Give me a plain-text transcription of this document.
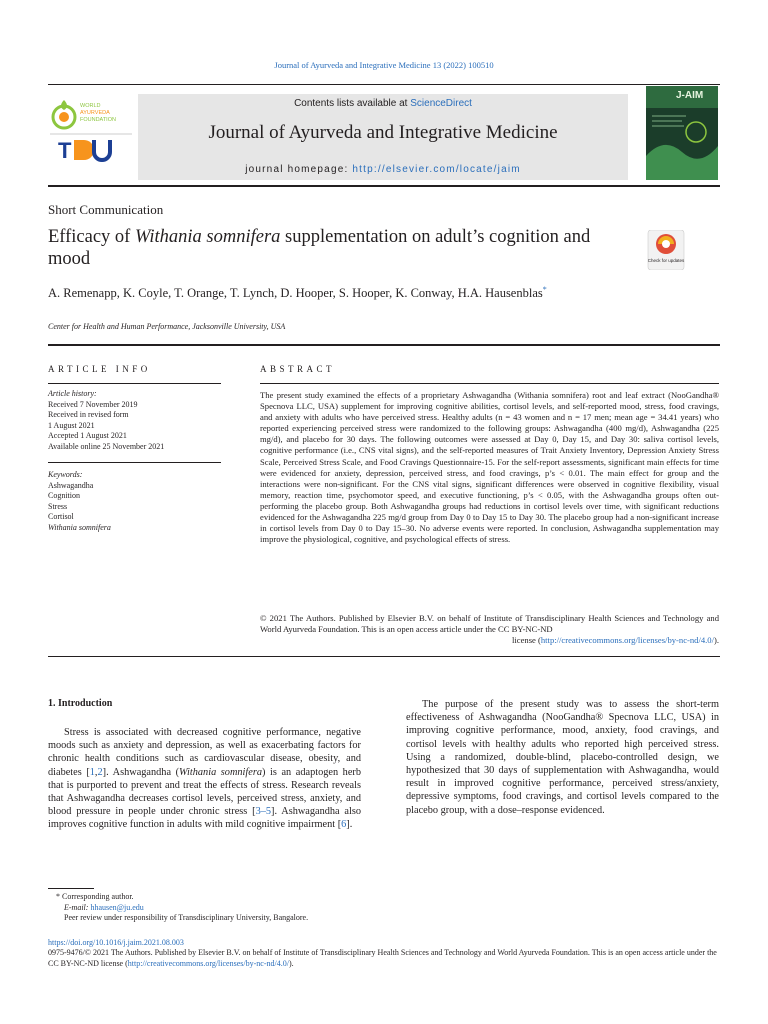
Journal of Ayurveda and Integrative Medicine 13 (2022) 100510
T
WORLD
AYURVEDA
FOUNDATION
Contents lists available at ScienceDirect
Journal of Ayurveda and Integrative Medicine
journal homepage: http://elsevier.com/locate/jaim
J-AIM
Short Communication
Efficacy of Withania somnifera supplementation on adult’s cognition and mood	Check for updates
A. Remenapp, K. Coyle, T. Orange, T. Lynch, D. Hooper, S. Hooper, K. Conway, H.A. Hausenblas*
Center for Health and Human Performance, Jacksonville University, USA
ARTICLE INFO
Article history:
Received 7 November 2019
Received in revised form
1 August 2021
Accepted 1 August 2021
Available online 25 November 2021
Keywords:
Ashwagandha
Cognition
Stress
Cortisol
Withania somnifera
ABSTRACT
The present study examined the effects of a proprietary Ashwagandha (Withania somnifera) root and leaf extract (NooGandha® Specnova LLC, USA) supplement for improving cognitive abilities, cortisol levels, and self-reported mood, stress, food cravings, and anxiety with adults who have perceived stress. Healthy adults (n = 43 women and n = 17 men; mean age = 34.41 years) who reported experiencing perceived stress were randomized to the following groups: Ashwagandha (400 mg/d), Ashwagandha (225 mg/d), and placebo for 30 days. The following outcomes were assessed at Day 0, Day 15, and Day 30: saliva cortisol levels, cognitive performance (i.e., CNS vital signs), and the self-reported measures of Trait Anxiety Inventory, Depression Anxiety Stress Scale, Perceived Stress Scale, and Food Cravings Questionnaire-15. For the self-report assessments, significant main effects for time were evidenced for anxiety, depression, perceived stress, and food cravings, p’s < 0.01. The main effect for group and the interactions were non-significant. For the CNS vital signs, significant differences were observed in cognitive flexibility, visual memory, reaction time, psychomotor speed, and executive functioning, p’s < 0.05, with the Ashwagandha groups often out-performing the placebo group. Both Ashwagandha groups had reductions in cortisol levels over time, with significant reductions evidenced for the Ashwagandha 225 mg/d group from Day 0 to Day 15 to Day 30. The placebo group had a non-significant increase in cortisol levels from Day 0 to Day 15–30. No adverse events were reported. In conclusion, Ashwagandha supplementation may improve the physiological, cognitive, and psychological effects of stress.
© 2021 The Authors. Published by Elsevier B.V. on behalf of Institute of Transdisciplinary Health Sciences and Technology and World Ayurveda Foundation. This is an open access article under the CC BY-NC-ND
license (http://creativecommons.org/licenses/by-nc-nd/4.0/).
1. Introduction
Stress is associated with decreased cognitive performance, negative moods such as anxiety and depression, as well as exacerbating factors for chronic health conditions such as cardiovascular disease, obesity, and diabetes [1,2]. Ashwagandha (Withania somnifera) is an adaptogen herb that is purported to prevent and treat the effects of stress. Research reveals that Ashwagandha decreases cortisol levels, perceived stress, anxiety, and blood pressure in people under chronic stress [3–5]. Ashwagandha also improves cognitive function in adults with mild cognitive impairment [6].
The purpose of the present study was to assess the short-term effectiveness of Ashwagandha (NooGandha® Specnova LLC, USA) in improving cognitive performance, mood, anxiety, food cravings, and cortisol levels with healthy adults who reported high perceived stress. Using a randomized, double-blind, placebo-controlled design, we hypothesized that 30 days of supplementation with Ashwagandha, would result in improved cognitive performance, perceived stress/anxiety, depressive symptoms, food cravings, and cortisol levels compared to the placebo group, with a dose–response evidenced.
* Corresponding author.
E-mail: hhausen@ju.edu
Peer review under responsibility of Transdisciplinary University, Bangalore.
https://doi.org/10.1016/j.jaim.2021.08.003
0975-9476/© 2021 The Authors. Published by Elsevier B.V. on behalf of Institute of Transdisciplinary Health Sciences and Technology and World Ayurveda Foundation. This is an open access article under the CC BY-NC-ND license (http://creativecommons.org/licenses/by-nc-nd/4.0/).
